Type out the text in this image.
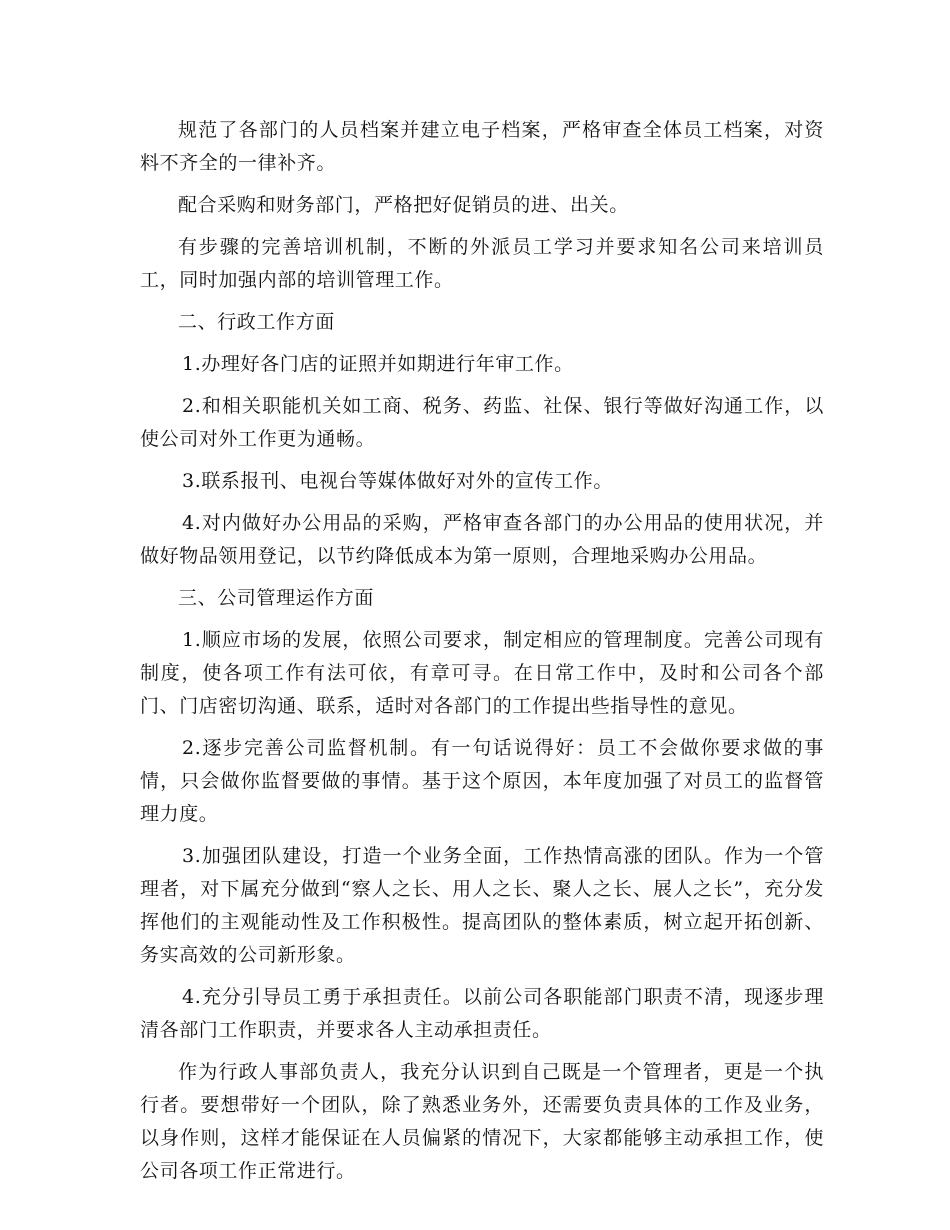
规范了各部门的人员档案并建立电子档案，严格审查全体员工档案，对资料不齐全的一律补齐。

配合采购和财务部门，严格把好促销员的进、出关。

有步骤的完善培训机制，不断的外派员工学习并要求知名公司来培训员工，同时加强内部的培训管理工作。

二、行政工作方面

1.办理好各门店的证照并如期进行年审工作。

2.和相关职能机关如工商、税务、药监、社保、银行等做好沟通工作，以使公司对外工作更为通畅。

3.联系报刊、电视台等媒体做好对外的宣传工作。

4.对内做好办公用品的采购，严格审查各部门的办公用品的使用状况，并做好物品领用登记，以节约降低成本为第一原则，合理地采购办公用品。

三、公司管理运作方面

1.顺应市场的发展，依照公司要求，制定相应的管理制度。完善公司现有制度，使各项工作有法可依，有章可寻。在日常工作中，及时和公司各个部门、门店密切沟通、联系，适时对各部门的工作提出些指导性的意见。

2.逐步完善公司监督机制。有一句话说得好：员工不会做你要求做的事情，只会做你监督要做的事情。基于这个原因，本年度加强了对员工的监督管理力度。

3.加强团队建设，打造一个业务全面，工作热情高涨的团队。作为一个管理者，对下属充分做到“察人之长、用人之长、聚人之长、展人之长”，充分发挥他们的主观能动性及工作积极性。提高团队的整体素质，树立起开拓创新、务实高效的公司新形象。

4.充分引导员工勇于承担责任。以前公司各职能部门职责不清，现逐步理清各部门工作职责，并要求各人主动承担责任。

作为行政人事部负责人，我充分认识到自己既是一个管理者，更是一个执行者。要想带好一个团队，除了熟悉业务外，还需要负责具体的工作及业务，以身作则，这样才能保证在人员偏紧的情况下，大家都能够主动承担工作，使公司各项工作正常进行。
